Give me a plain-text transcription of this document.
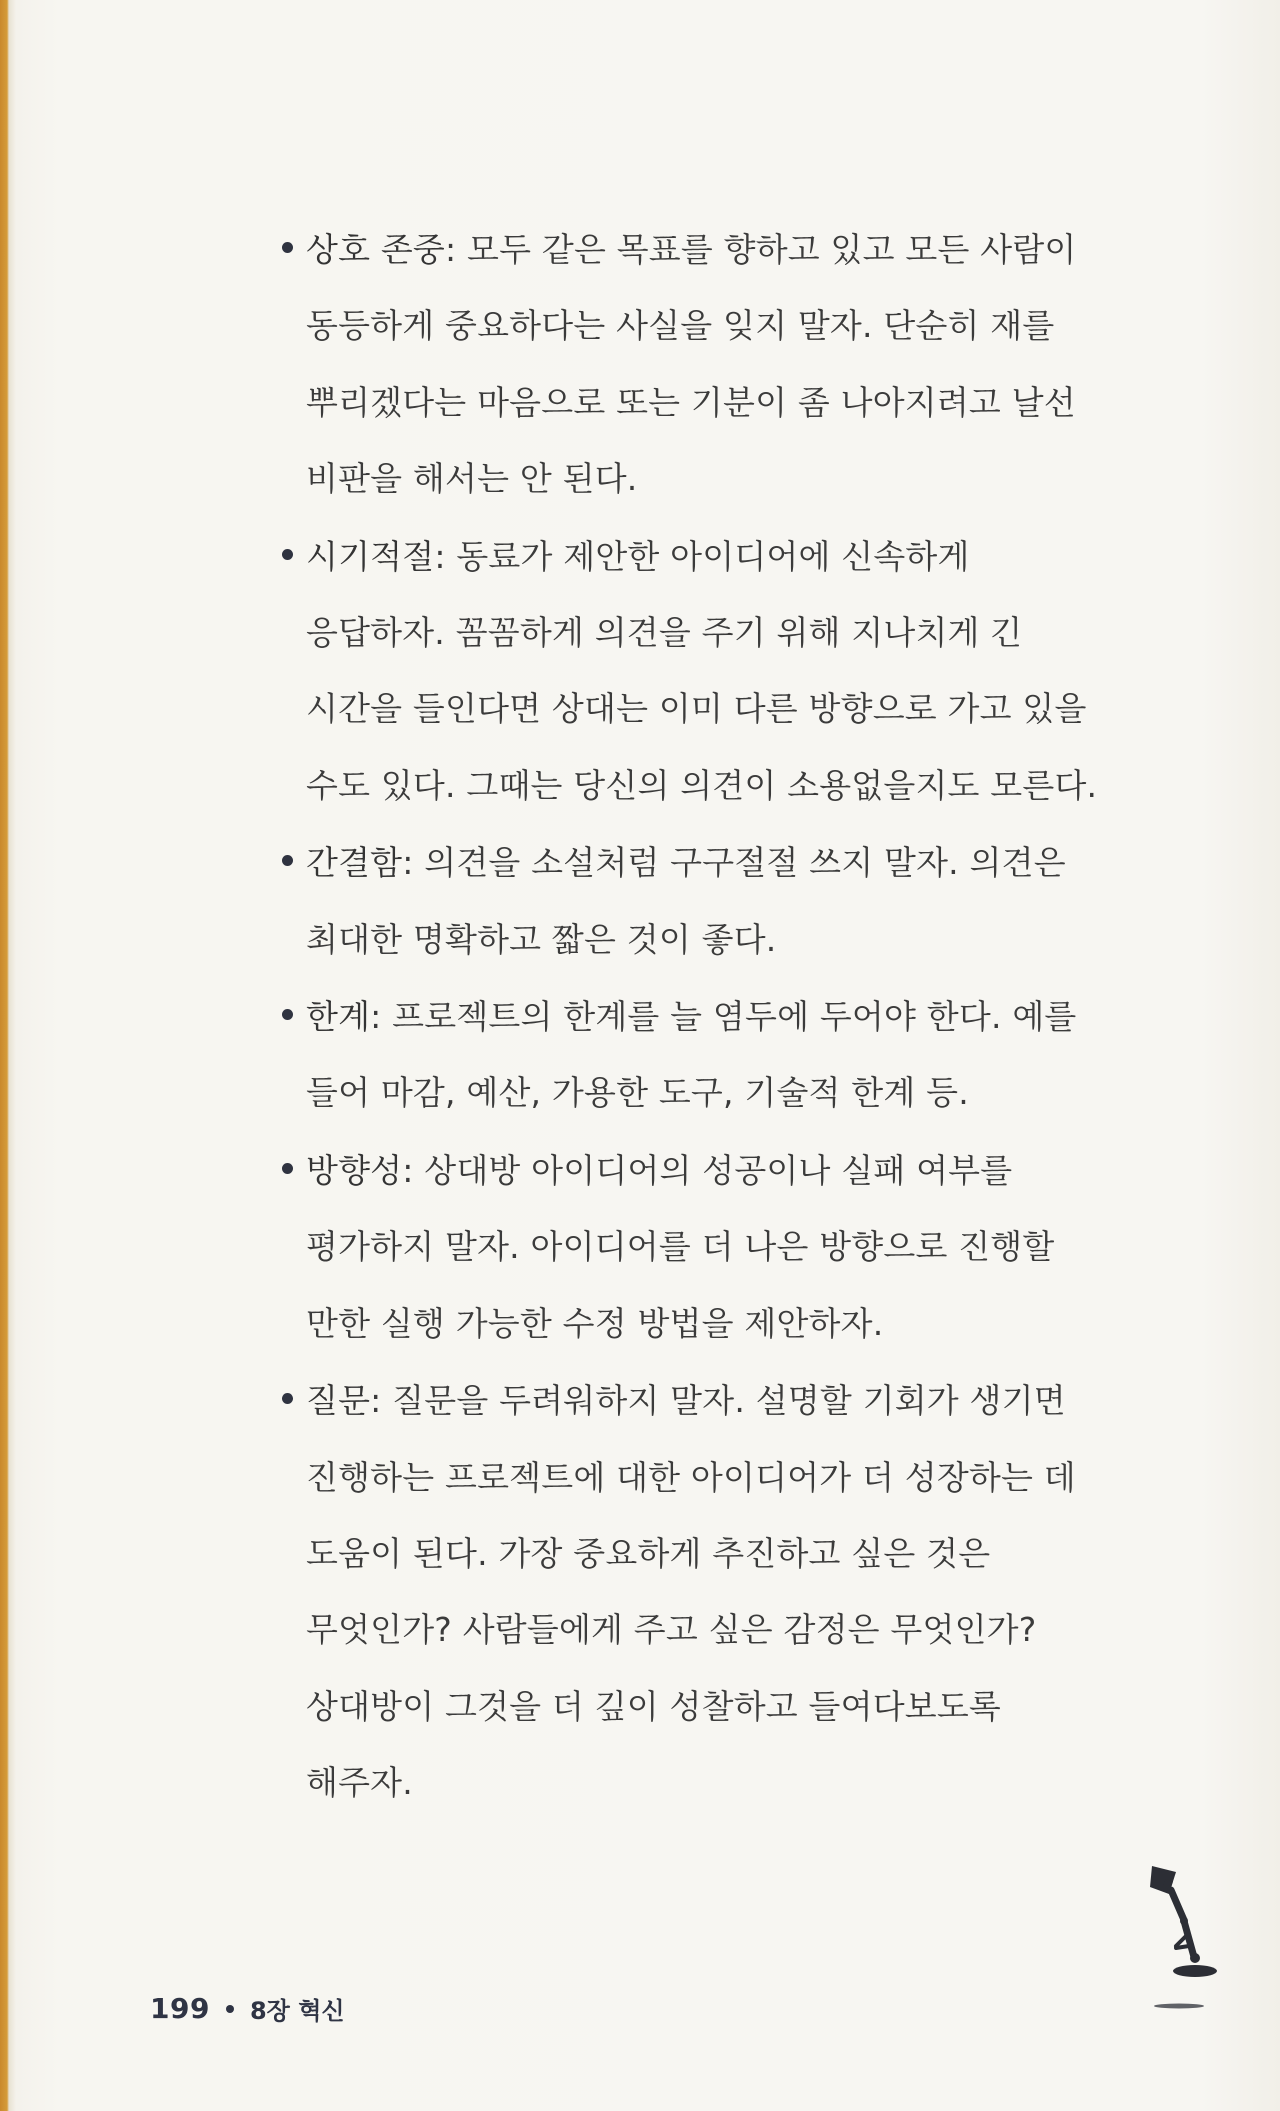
상호 존중: 모두 같은 목표를 향하고 있고 모든 사람이 동등하게 중요하다는 사실을 잊지 말자. 단순히 재를 뿌리겠다는 마음으로 또는 기분이 좀 나아지려고 날선 비판을 해서는 안 된다.
시기적절: 동료가 제안한 아이디어에 신속하게 응답하자. 꼼꼼하게 의견을 주기 위해 지나치게 긴 시간을 들인다면 상대는 이미 다른 방향으로 가고 있을 수도 있다. 그때는 당신의 의견이 소용없을지도 모른다.
간결함: 의견을 소설처럼 구구절절 쓰지 말자. 의견은 최대한 명확하고 짧은 것이 좋다.
한계: 프로젝트의 한계를 늘 염두에 두어야 한다. 예를 들어 마감, 예산, 가용한 도구, 기술적 한계 등.
방향성: 상대방 아이디어의 성공이나 실패 여부를 평가하지 말자. 아이디어를 더 나은 방향으로 진행할 만한 실행 가능한 수정 방법을 제안하자.
질문: 질문을 두려워하지 말자. 설명할 기회가 생기면 진행하는 프로젝트에 대한 아이디어가 더 성장하는 데 도움이 된다. 가장 중요하게 추진하고 싶은 것은 무엇인가? 사람들에게 주고 싶은 감정은 무엇인가? 상대방이 그것을 더 깊이 성찰하고 들여다보도록 해주자.
199 8장 혁신
